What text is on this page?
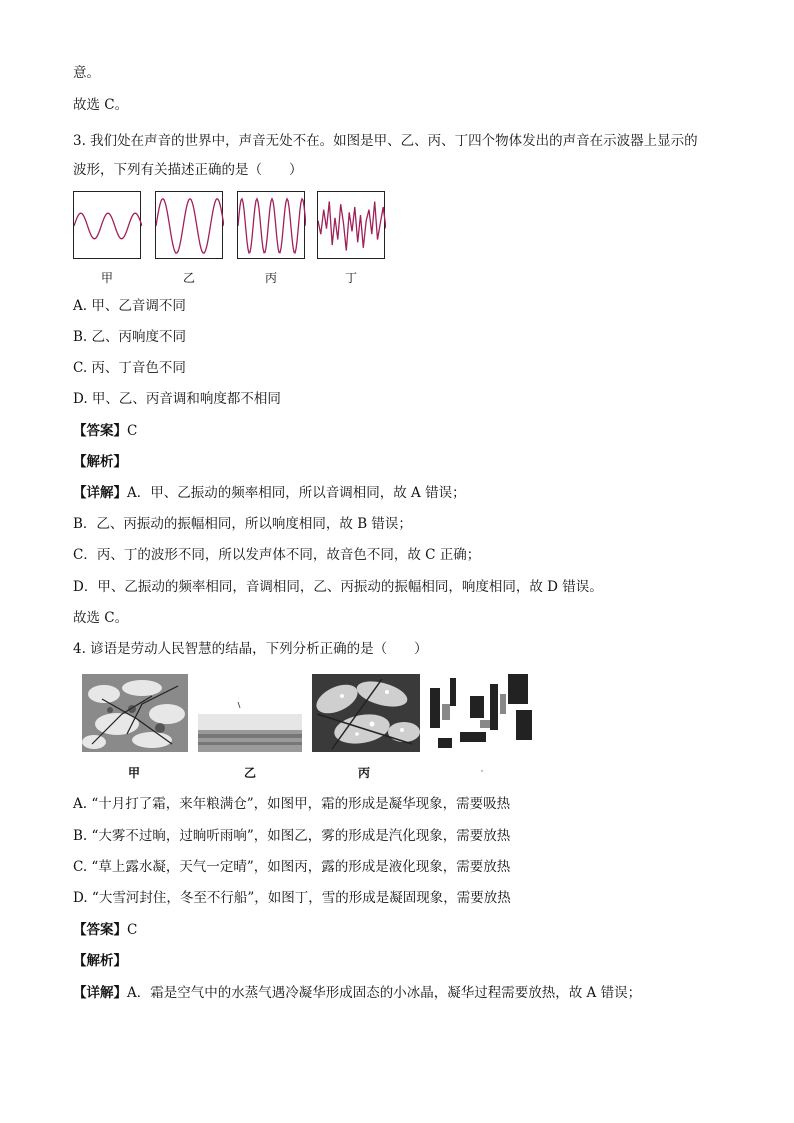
意。
故选 C。
3. 我们处在声音的世界中，声音无处不在。如图是甲、乙、丙、丁四个物体发出的声音在示波器上显示的
波形，下列有关描述正确的是（　　）
甲	乙	丙	丁
A. 甲、乙音调不同
B. 乙、丙响度不同
C. 丙、丁音色不同
D. 甲、乙、丙音调和响度都不相同
【答案】C
【解析】
【详解】A．甲、乙振动的频率相同，所以音调相同，故 A 错误；
B．乙、丙振动的振幅相同，所以响度相同，故 B 错误；
C．丙、丁的波形不同，所以发声体不同，故音色不同，故 C 正确；
D．甲、乙振动的频率相同，音调相同，乙、丙振动的振幅相同，响度相同，故 D 错误。
故选 C。
4. 谚语是劳动人民智慧的结晶，下列分析正确的是（　　）
甲	乙	丙	·
A. “十月打了霜，来年粮满仓”，如图甲，霜的形成是凝华现象，需要吸热
B. “大雾不过晌，过晌听雨响”，如图乙，雾的形成是汽化现象，需要放热
C. “草上露水凝，天气一定晴”，如图丙，露的形成是液化现象，需要放热
D. “大雪河封住，冬至不行船”，如图丁，雪的形成是凝固现象，需要放热
【答案】C
【解析】
【详解】A．霜是空气中的水蒸气遇冷凝华形成固态的小冰晶，凝华过程需要放热，故 A 错误；
